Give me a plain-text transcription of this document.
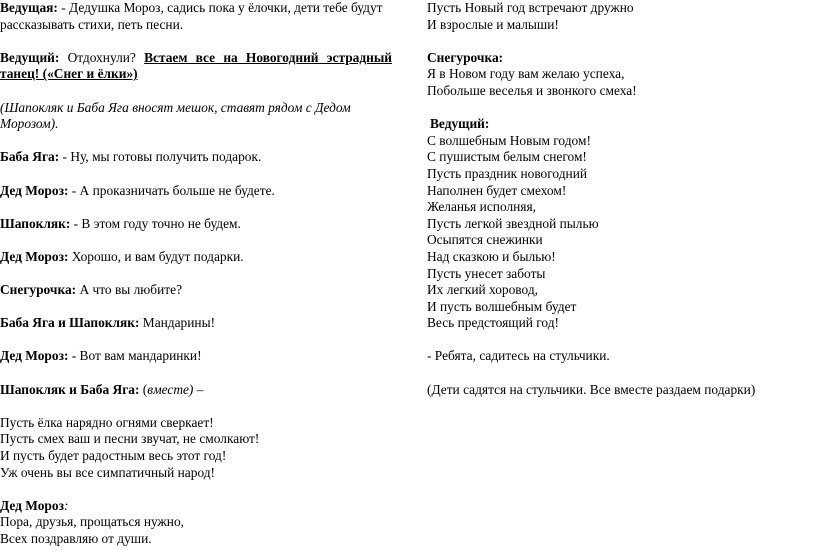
Ведущая: - Дедушка Мороз, садись пока у ёлочки, дети тебе будут рассказывать стихи, петь песни.

Ведущий: Отдохнули? Встаем все на Новогодний эстрадный танец! («Снег и ёлки»)

(Шапокляк и Баба Яга вносят мешок, ставят рядом с Дедом Морозом).

Баба Яга: - Ну, мы готовы получить подарок.

Дед Мороз: - А проказничать больше не будете.

Шапокляк: - В этом году точно не будем.

Дед Мороз: Хорошо, и вам будут подарки.

Снегурочка: А что вы любите?

Баба Яга и Шапокляк: Мандарины!

Дед Мороз: - Вот вам мандаринки!

Шапокляк и Баба Яга: (вместе) –

Пусть ёлка нарядно огнями сверкает!

Пусть смех ваш и песни звучат, не смолкают!

И пусть будет радостным весь этот год!

Уж очень вы все симпатичный народ!

Дед Мороз:

Пора, друзья, прощаться нужно,

Всех поздравляю от души.

Пусть Новый год встречают дружно

И взрослые и малыши!

Снегурочка:

Я в Новом году вам желаю успеха,

Побольше веселья и звонкого смеха!

Ведущий:

С волшебным Новым годом!

С пушистым белым снегом!

Пусть праздник новогодний

Наполнен будет смехом!

Желанья исполняя,

Пусть легкой звездной пылью

Осыпятся снежинки

Над сказкою и былью!

Пусть унесет заботы

Их легкий хоровод,

И пусть волшебным будет

Весь предстоящий год!

- Ребята, садитесь на стульчики.

(Дети садятся на стульчики. Все вместе раздаем подарки)
